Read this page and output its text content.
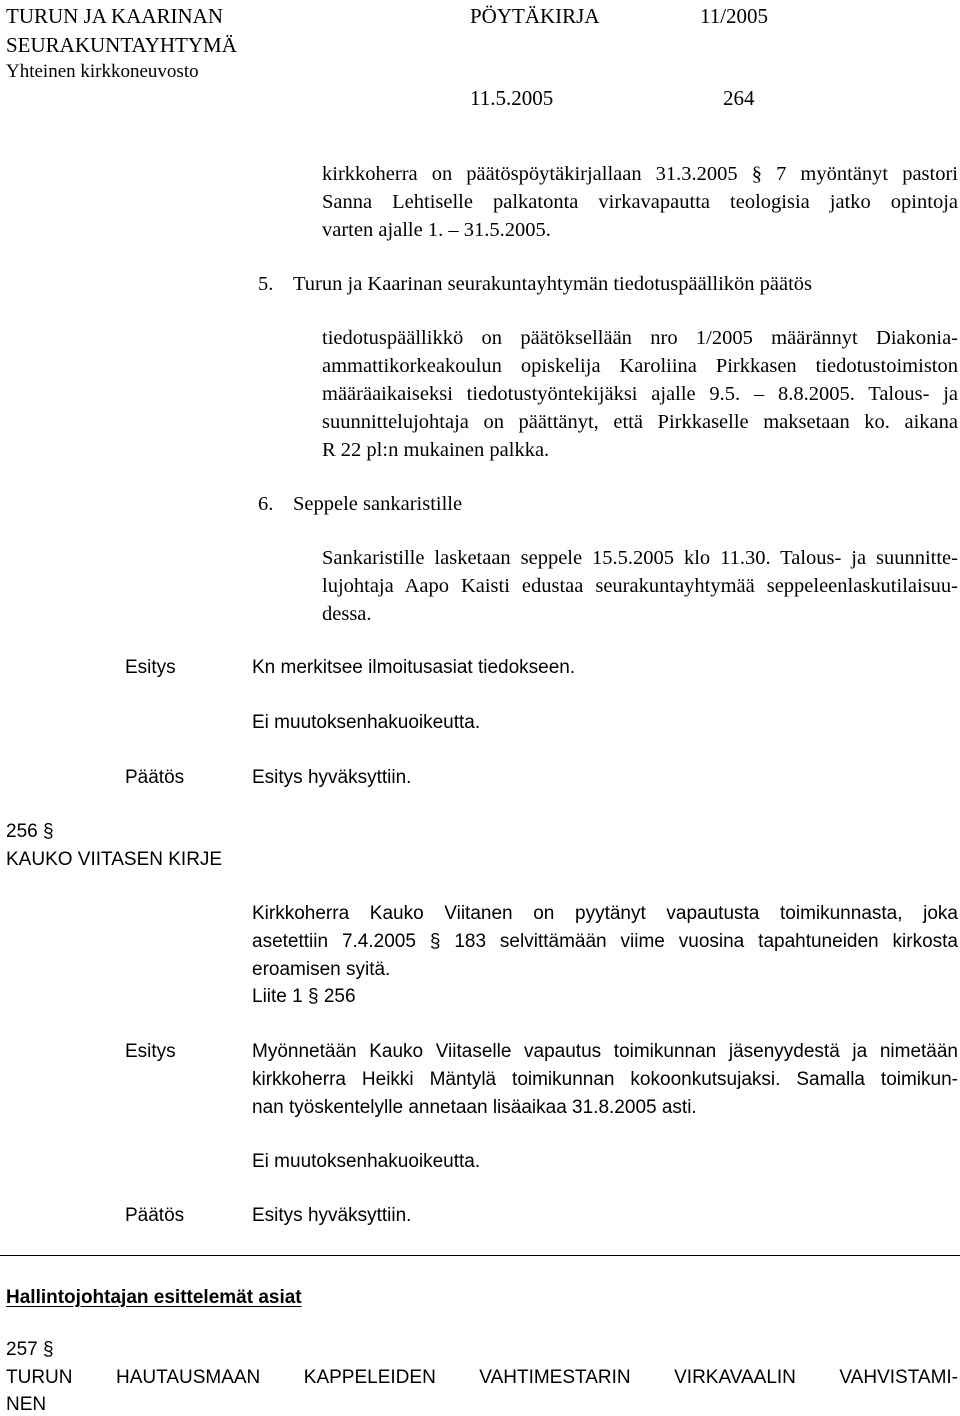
TURUN JA KAARINAN
SEURAKUNTAYHTYMÄ
Yhteinen kirkkoneuvosto
PÖYTÄKIRJA	11/2005
11.5.2005	264
kirkkoherra on päätöspöytäkirjallaan 31.3.2005 § 7 myöntänyt pastori
Sanna Lehtiselle palkatonta virkavapautta teologisia jatko opintoja
varten ajalle 1. – 31.5.2005.
5. Turun ja Kaarinan seurakuntayhtymän tiedotuspäällikön päätös
tiedotuspäällikkö on päätöksellään nro 1/2005 määrännyt Diakonia-
ammattikorkeakoulun opiskelija Karoliina Pirkkasen tiedotustoimiston
määräaikaiseksi tiedotustyöntekijäksi ajalle 9.5. – 8.8.2005. Talous- ja
suunnittelujohtaja on päättänyt, että Pirkkaselle maksetaan ko. aikana
R 22 pl:n mukainen palkka.
6. Seppele sankaristille
Sankaristille lasketaan seppele 15.5.2005 klo 11.30. Talous- ja suunnitte-
lujohtaja Aapo Kaisti edustaa seurakuntayhtymää seppeleenlaskutilaisuu-
dessa.
Esitys	Kn merkitsee ilmoitusasiat tiedokseen.
Ei muutoksenhakuoikeutta.
Päätös	Esitys hyväksyttiin.
256 §
KAUKO VIITASEN KIRJE
Kirkkoherra Kauko Viitanen on pyytänyt vapautusta toimikunnasta, joka
asetettiin 7.4.2005 § 183 selvittämään viime vuosina tapahtuneiden kirkosta
eroamisen syitä.
Liite 1 § 256
Esitys	Myönnetään Kauko Viitaselle vapautus toimikunnan jäsenyydestä ja nimetään
kirkkoherra Heikki Mäntylä toimikunnan kokoonkutsujaksi. Samalla toimikun-
nan työskentelylle annetaan lisäaikaa 31.8.2005 asti.
Ei muutoksenhakuoikeutta.
Päätös	Esitys hyväksyttiin.
Hallintojohtajan esittelemät asiat
257 §
TURUN HAUTAUSMAAN KAPPELEIDEN VAHTIMESTARIN VIRKAVAALIN VAHVISTAMI-
NEN
